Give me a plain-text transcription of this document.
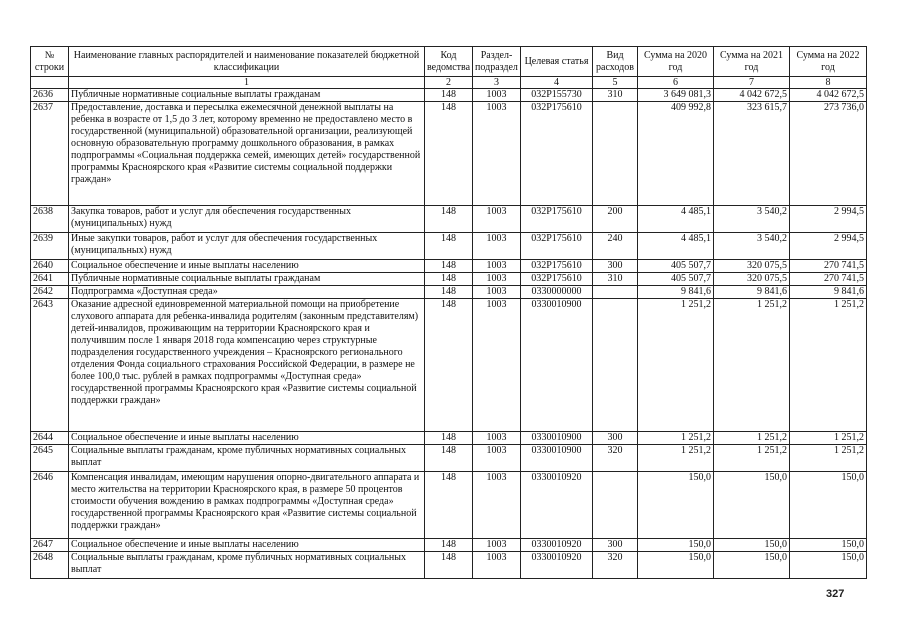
№ строки	Наименование главных распорядителей и наименование показателей бюджетной классификации	Код ведомства	Раздел-подраздел	Целевая статья	Вид расходов	Сумма на 2020 год	Сумма на 2021 год	Сумма на 2022 год
	1	2	3	4	5	6	7	8
2636	Публичные нормативные социальные выплаты гражданам	148	1003	032P155730	310	3 649 081,3	4 042 672,5	4 042 672,5
2637	Предоставление, доставка и пересылка ежемесячной денежной выплаты на ребенка в возрасте от 1,5 до 3 лет, которому временно не предоставлено место в государственной (муниципальной) образовательной организации, реализующей основную образовательную программу дошкольного образования, в рамках подпрограммы «Социальная поддержка семей, имеющих детей» государственной программы Красноярского края «Развитие системы социальной поддержки граждан»	148	1003	032P175610		409 992,8	323 615,7	273 736,0
2638	Закупка товаров, работ и услуг для обеспечения государственных (муниципальных) нужд	148	1003	032P175610	200	4 485,1	3 540,2	2 994,5
2639	Иные закупки товаров, работ и услуг для обеспечения государственных (муниципальных) нужд	148	1003	032P175610	240	4 485,1	3 540,2	2 994,5
2640	Социальное обеспечение и иные выплаты населению	148	1003	032P175610	300	405 507,7	320 075,5	270 741,5
2641	Публичные нормативные социальные выплаты гражданам	148	1003	032P175610	310	405 507,7	320 075,5	270 741,5
2642	Подпрограмма «Доступная среда»	148	1003	0330000000		9 841,6	9 841,6	9 841,6
2643	Оказание адресной единовременной материальной помощи на приобретение слухового аппарата для ребенка-инвалида родителям (законным представителям) детей-инвалидов, проживающим на территории Красноярского края и получившим после 1 января 2018 года компенсацию через структурные подразделения государственного учреждения – Красноярского регионального отделения Фонда социального страхования Российской Федерации, в размере не более 100,0 тыс. рублей в рамках подпрограммы «Доступная среда» государственной программы Красноярского края «Развитие системы социальной поддержки граждан»	148	1003	0330010900		1 251,2	1 251,2	1 251,2
2644	Социальное обеспечение и иные выплаты населению	148	1003	0330010900	300	1 251,2	1 251,2	1 251,2
2645	Социальные выплаты гражданам, кроме публичных нормативных социальных выплат	148	1003	0330010900	320	1 251,2	1 251,2	1 251,2
2646	Компенсация инвалидам, имеющим нарушения опорно-двигательного аппарата и место жительства на территории Красноярского края, в размере 50 процентов стоимости обучения вождению в рамках подпрограммы «Доступная среда» государственной программы Красноярского края «Развитие системы социальной поддержки граждан»	148	1003	0330010920		150,0	150,0	150,0
2647	Социальное обеспечение и иные выплаты населению	148	1003	0330010920	300	150,0	150,0	150,0
2648	Социальные выплаты гражданам, кроме публичных нормативных социальных выплат	148	1003	0330010920	320	150,0	150,0	150,0
327
